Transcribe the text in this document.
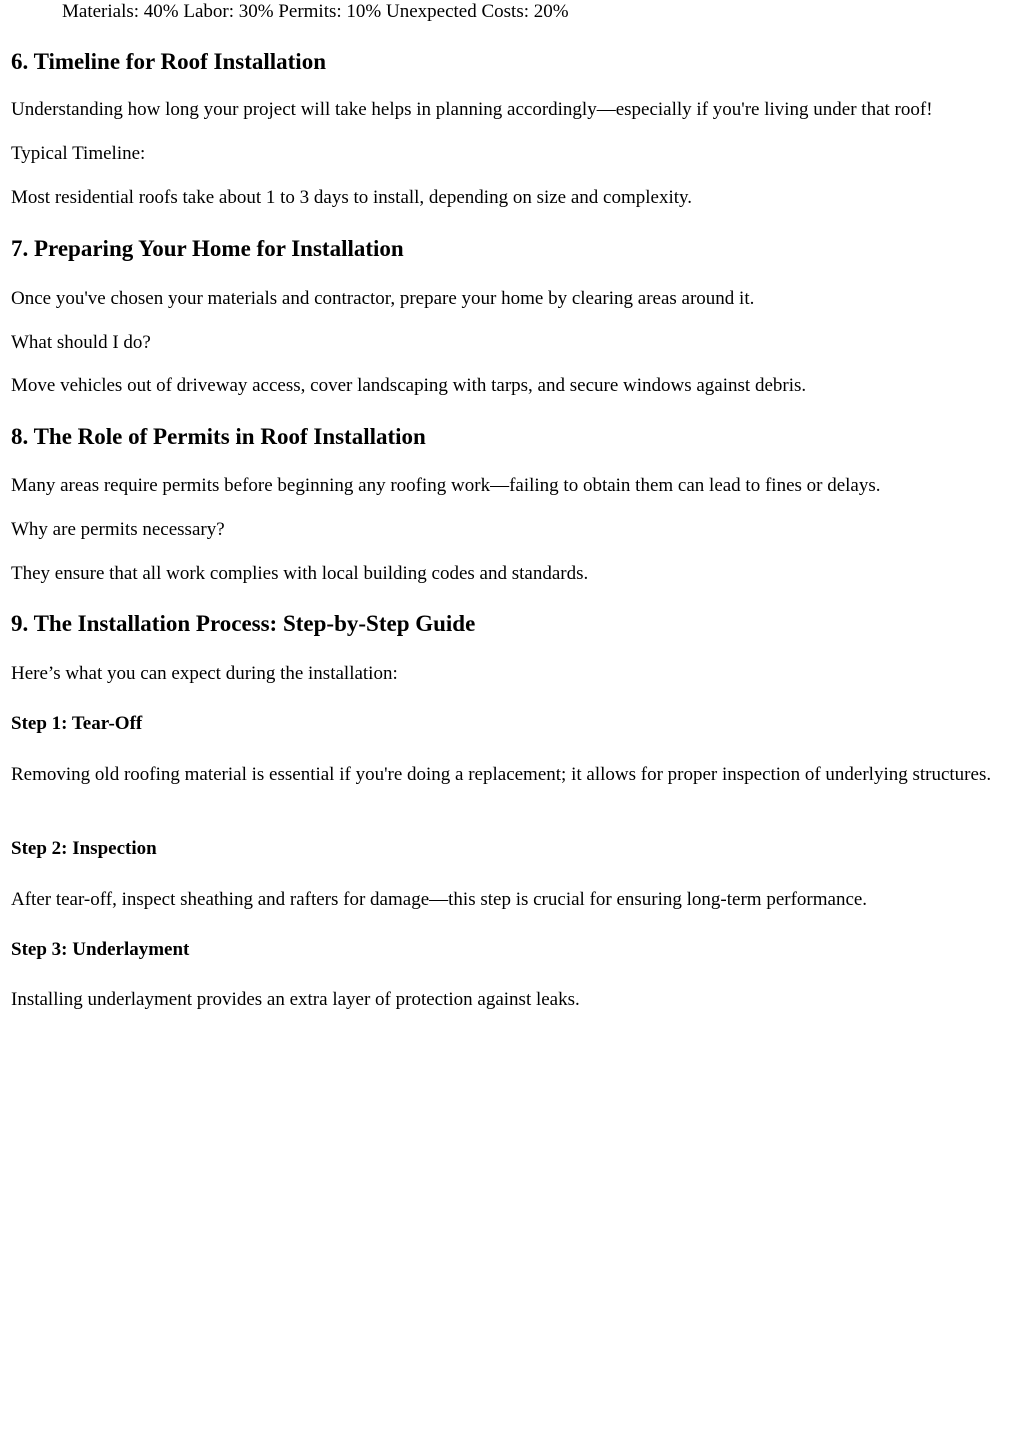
Materials: 40% Labor: 30% Permits: 10% Unexpected Costs: 20%
6. Timeline for Roof Installation

Understanding how long your project will take helps in planning accordingly—especially if you're living under that roof!

Typical Timeline:

Most residential roofs take about 1 to 3 days to install, depending on size and complexity.

7. Preparing Your Home for Installation

Once you've chosen your materials and contractor, prepare your home by clearing areas around it.

What should I do?

Move vehicles out of driveway access, cover landscaping with tarps, and secure windows against debris.

8. The Role of Permits in Roof Installation

Many areas require permits before beginning any roofing work—failing to obtain them can lead to fines or delays.

Why are permits necessary?

They ensure that all work complies with local building codes and standards.

9. The Installation Process: Step-by-Step Guide

Here’s what you can expect during the installation:

Step 1: Tear-Off

Removing old roofing material is essential if you're doing a replacement; it allows for proper inspection of underlying structures.

Step 2: Inspection

After tear-off, inspect sheathing and rafters for damage—this step is crucial for ensuring long-term performance.

Step 3: Underlayment

Installing underlayment provides an extra layer of protection against leaks.
